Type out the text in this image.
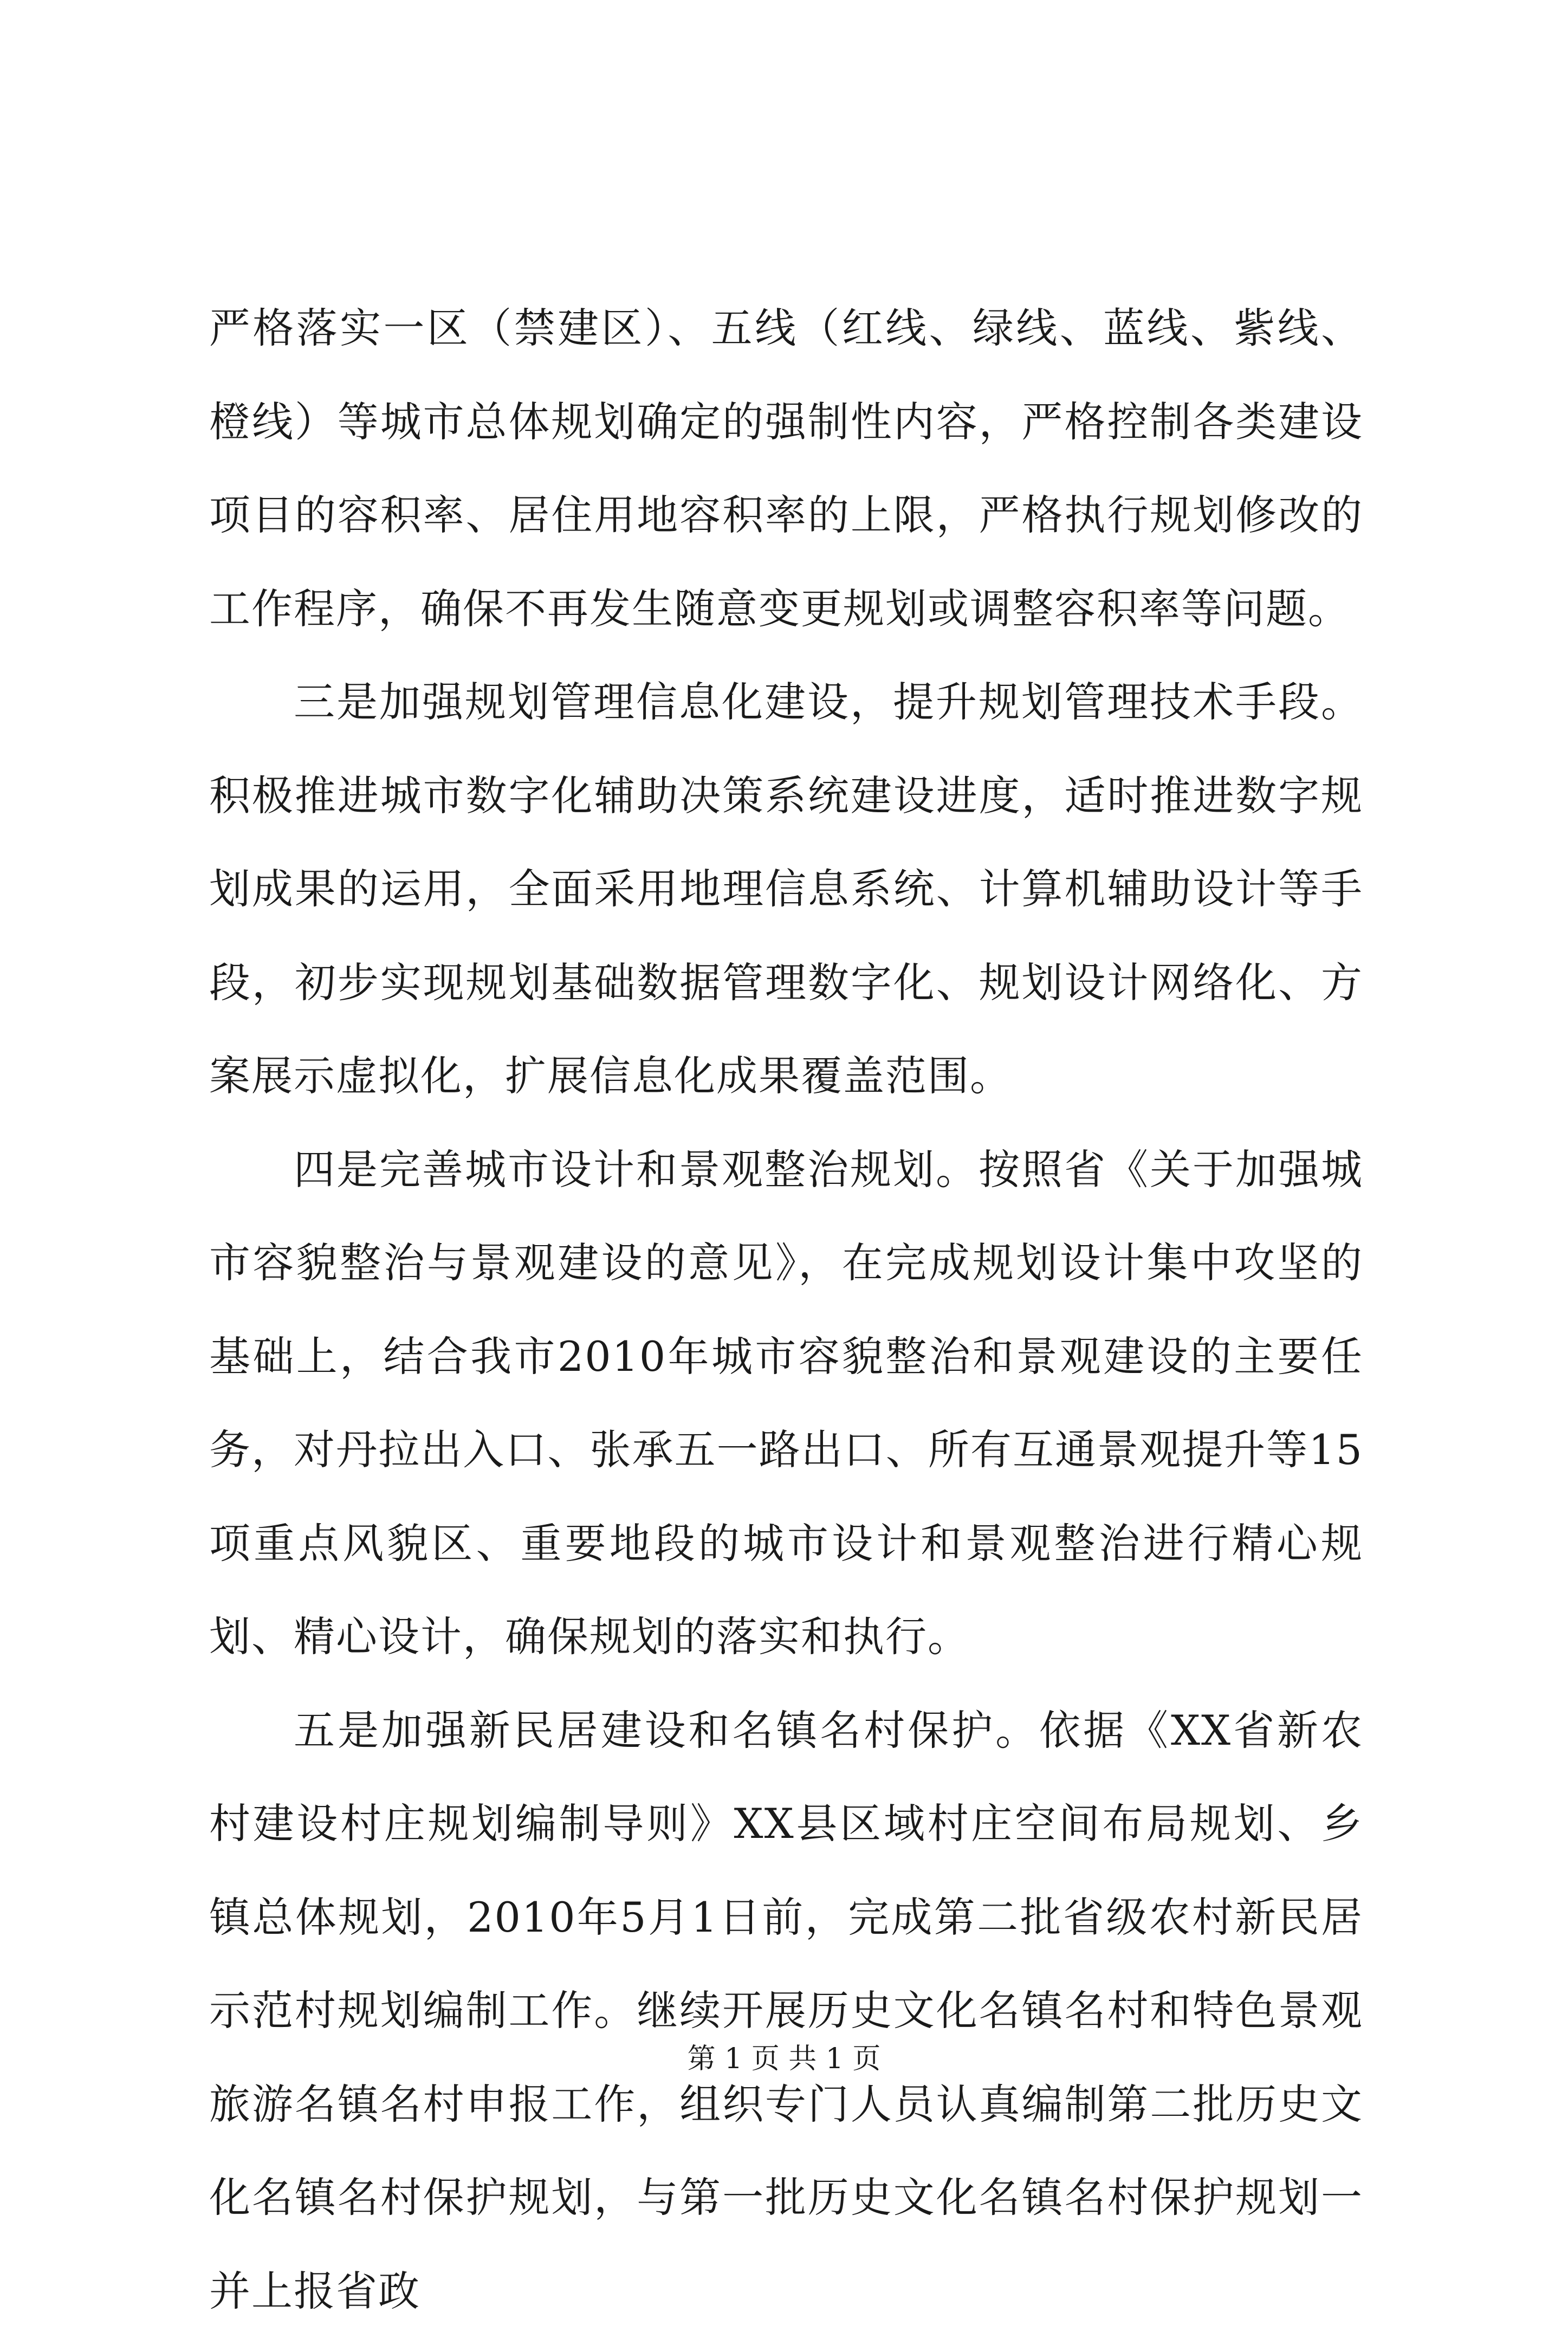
严格落实一区（禁建区）、五线（红线、绿线、蓝线、紫线、橙线）等城市总体规划确定的强制性内容，严格控制各类建设项目的容积率、居住用地容积率的上限，严格执行规划修改的工作程序，确保不再发生随意变更规划或调整容积率等问题。

三是加强规划管理信息化建设，提升规划管理技术手段。积极推进城市数字化辅助决策系统建设进度，适时推进数字规划成果的运用，全面采用地理信息系统、计算机辅助设计等手段，初步实现规划基础数据管理数字化、规划设计网络化、方案展示虚拟化，扩展信息化成果覆盖范围。

四是完善城市设计和景观整治规划。按照省《关于加强城市容貌整治与景观建设的意见》，在完成规划设计集中攻坚的基础上，结合我市2010年城市容貌整治和景观建设的主要任务，对丹拉出入口、张承五一路出口、所有互通景观提升等15项重点风貌区、重要地段的城市设计和景观整治进行精心规划、精心设计，确保规划的落实和执行。

五是加强新民居建设和名镇名村保护。依据《XX省新农村建设村庄规划编制导则》XX县区域村庄空间布局规划、乡镇总体规划，2010年5月1日前，完成第二批省级农村新民居示范村规划编制工作。继续开展历史文化名镇名村和特色景观旅游名镇名村申报工作，组织专门人员认真编制第二批历史文化名镇名村保护规划，与第一批历史文化名镇名村保护规划一并上报省政

第 1 页 共 1 页
